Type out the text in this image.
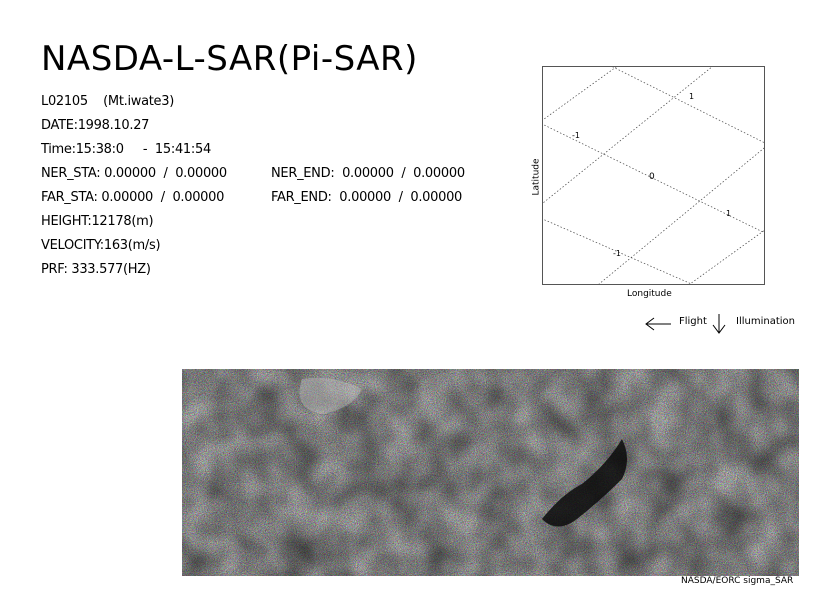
NASDA-L-SAR(Pi-SAR)
L02105    (Mt.iwate3)
DATE:1998.10.27
Time:15:38:0     -  15:41:54
NER_STA: 0.00000  /  0.00000	NER_END:  0.00000  /  0.00000
FAR_STA: 0.00000  /  0.00000	FAR_END:  0.00000  /  0.00000
HEIGHT:12178(m)
VELOCITY:163(m/s)
PRF: 333.577(HZ)
1
-1
0
1
-1
Latitude
Longitude
Flight	Illumination
NASDA/EORC sigma_SAR
